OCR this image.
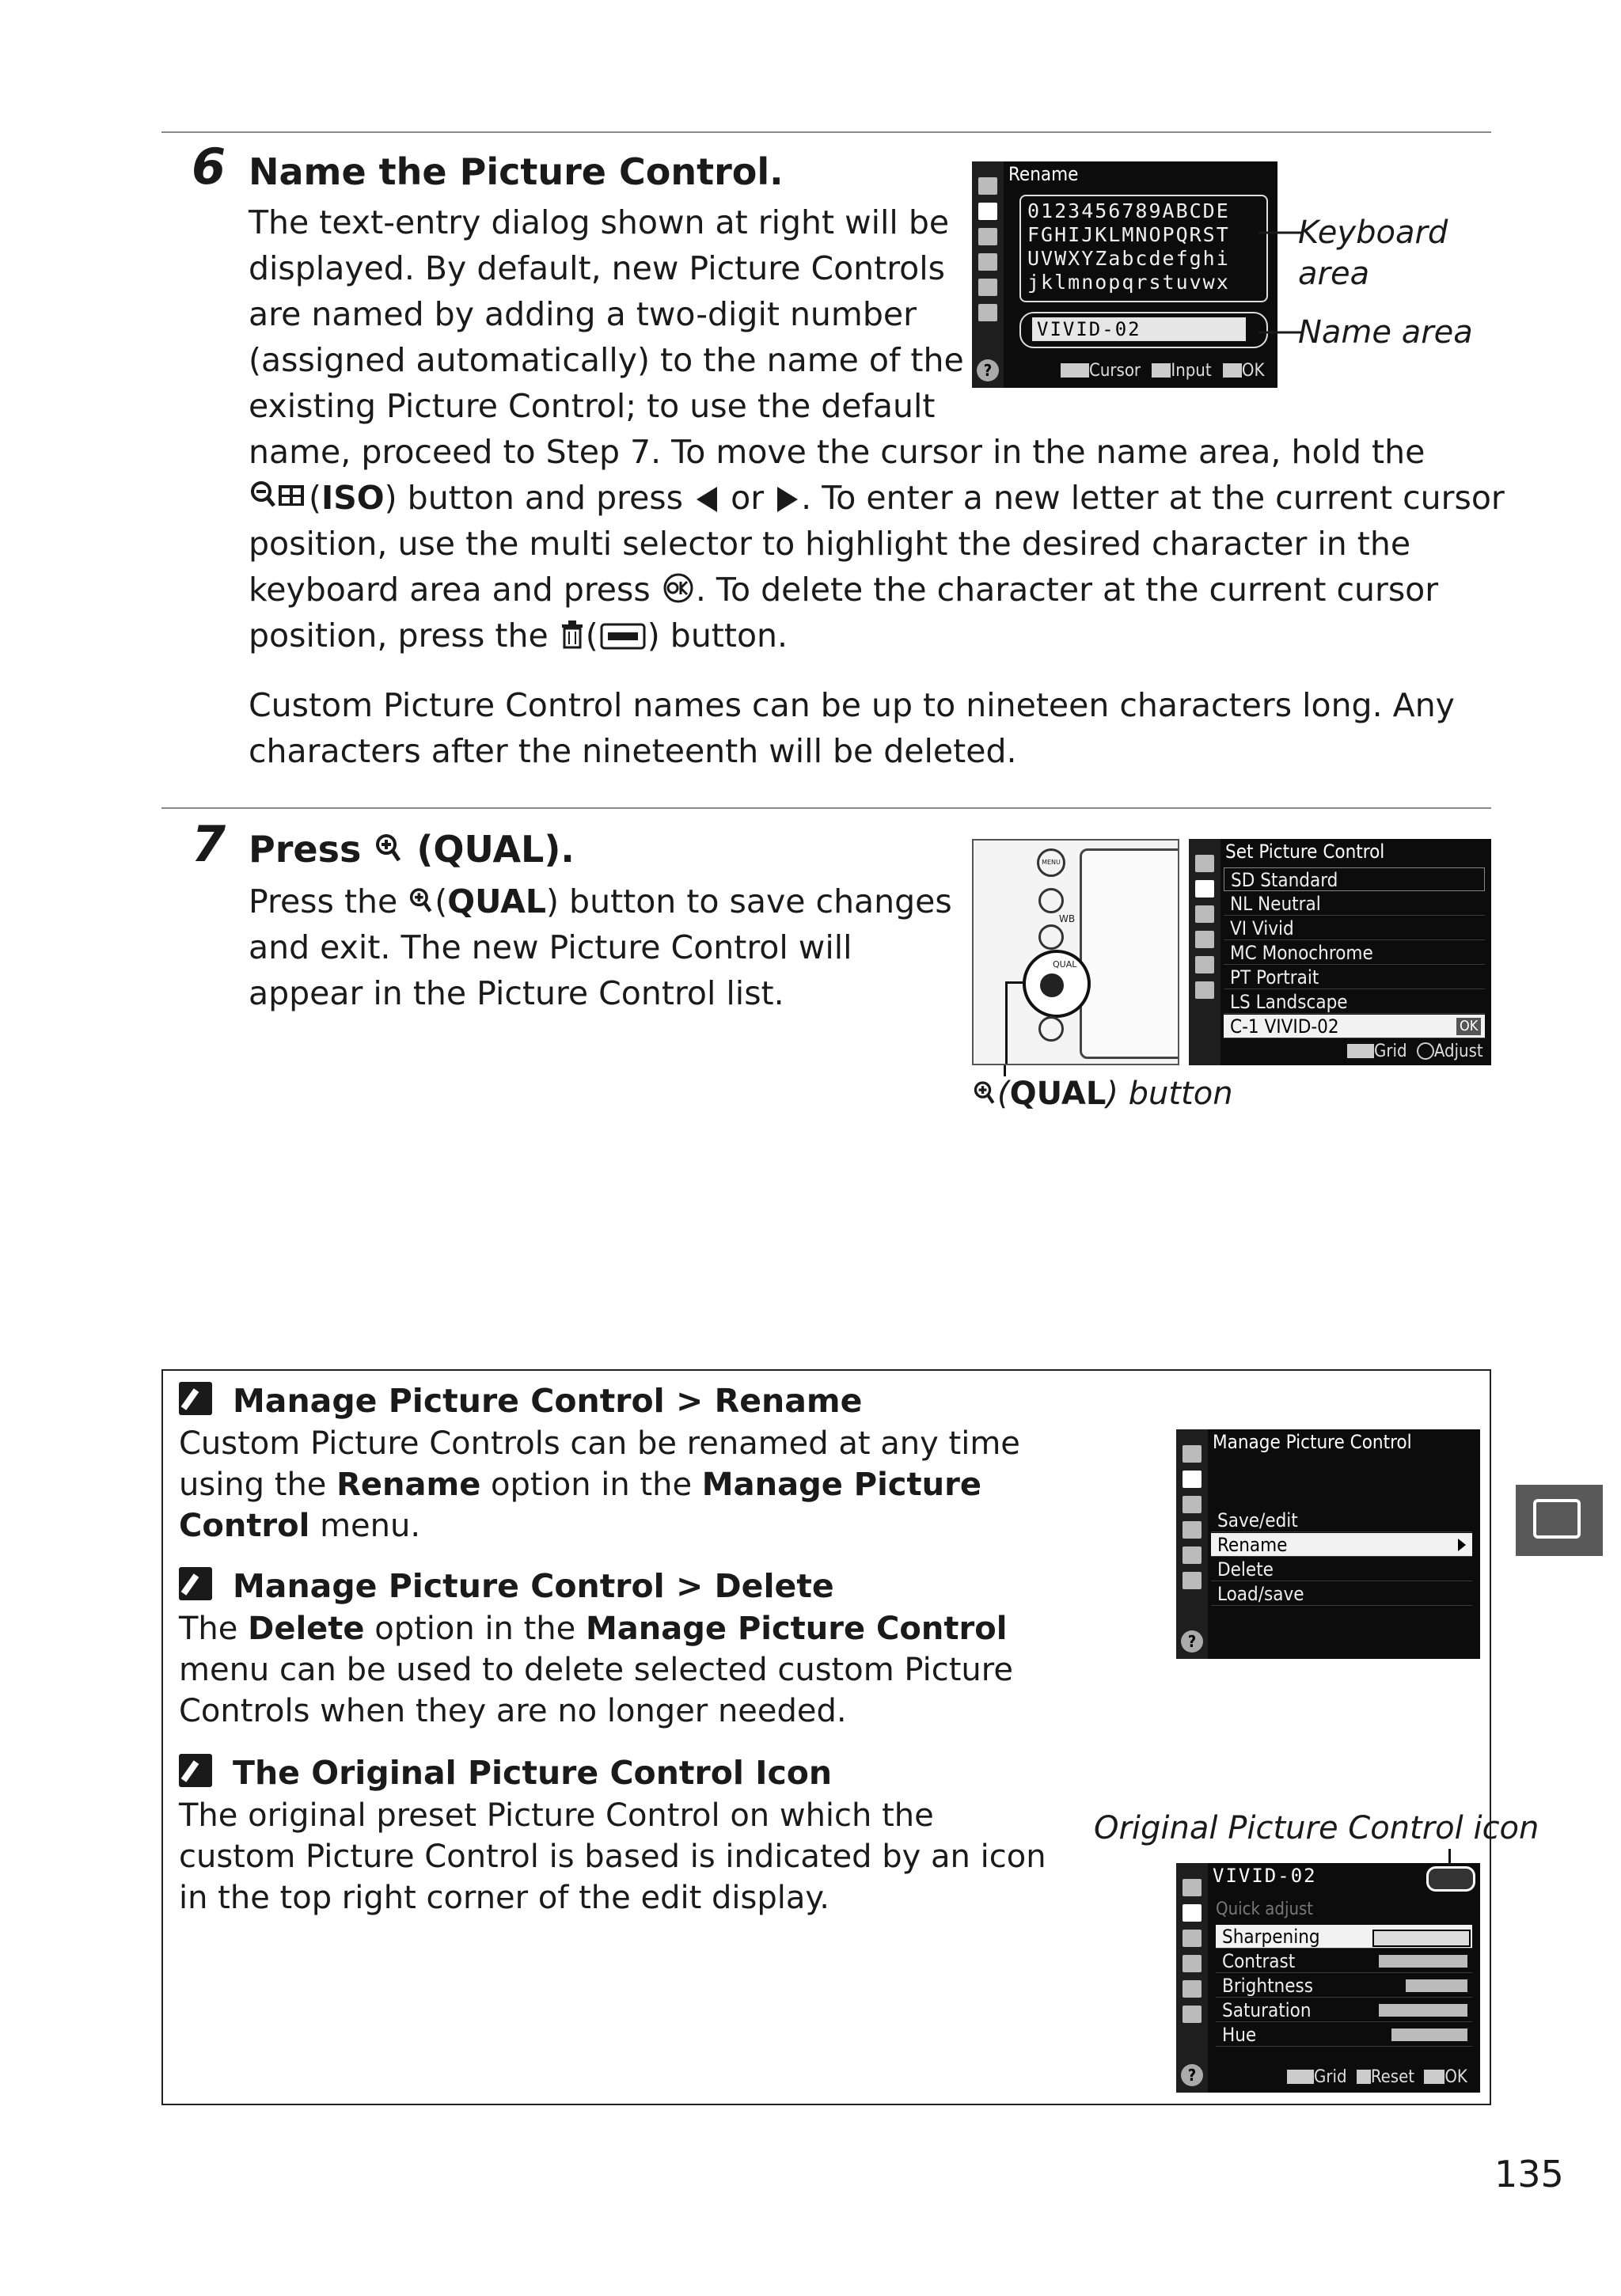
6 Name the Picture Control.
The text-entry dialog shown at right will be
displayed. By default, new Picture Controls
are named by adding a two-digit number
(assigned automatically) to the name of the
existing Picture Control; to use the default
name, proceed to Step 7. To move the cursor in the name area, hold the
(ISO) button and press or . To enter a new letter at the current cursor
position, use the multi selector to highlight the desired character in the
keyboard area and press . To delete the character at the current cursor
position, press the ( ) button.
Custom Picture Control names can be up to nineteen characters long. Any
characters after the nineteenth will be deleted.
?
Rename
0123456789ABCDE
FGHIJKLMNOPQRST
UVWXYZabcdefghi
jklmnopqrstuvwx
VIVID-02
Cursor Input OK
Keyboard
area
Name area
7 Press (QUAL).
Press the (QUAL) button to save changes
and exit. The new Picture Control will
appear in the Picture Control list.
MENU
WB
QUAL
(QUAL) button
Set Picture Control
SD Standard
NL Neutral
VI Vivid
MC Monochrome
PT Portrait
LS Landscape
C-1 VIVID-02	OK
Grid Adjust
Manage Picture Control > Rename
Custom Picture Controls can be renamed at any time
using the Rename option in the Manage Picture
Control menu.
Manage Picture Control > Delete
The Delete option in the Manage Picture Control
menu can be used to delete selected custom Picture
Controls when they are no longer needed.
The Original Picture Control Icon
The original preset Picture Control on which the
custom Picture Control is based is indicated by an icon
in the top right corner of the edit display.
?
Manage Picture Control
Save/edit
Rename
Delete
Load/save
Original Picture Control icon
?
VIVID-02
Quick adjust
Sharpening
Contrast
Brightness
Saturation
Hue
Grid Reset OK
135
